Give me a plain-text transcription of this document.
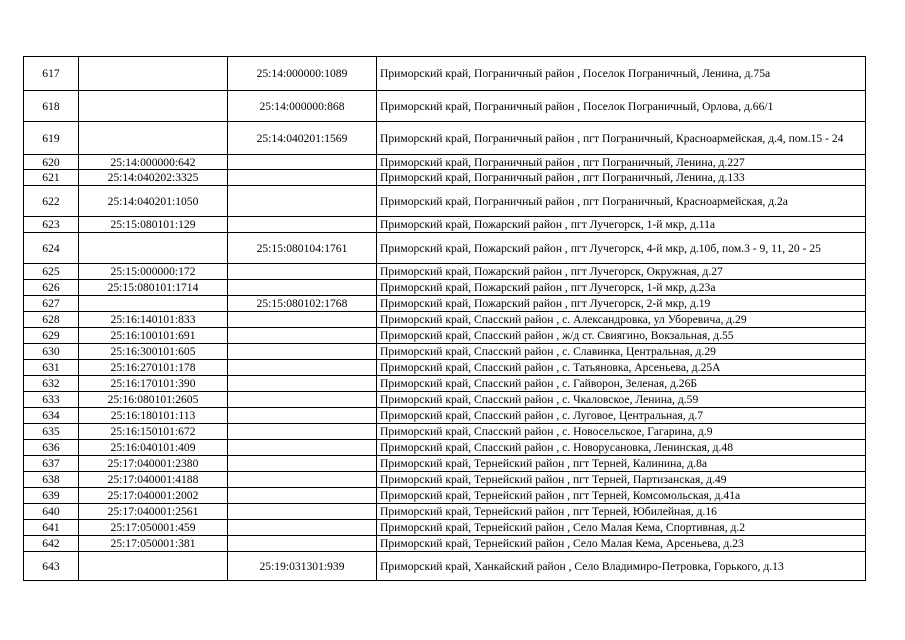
617		25:14:000000:1089	Приморский край, Пограничный район , Поселок Пограничный, Ленина, д.75а
618		25:14:000000:868	Приморский край, Пограничный район , Поселок Пограничный, Орлова, д.66/1
619		25:14:040201:1569	Приморский край, Пограничный район , пгт Пограничный, Красноармейская, д.4, пом.15 - 24
620	25:14:000000:642		Приморский край, Пограничный район , пгт Пограничный, Ленина, д.227
621	25:14:040202:3325		Приморский край, Пограничный район , пгт Пограничный, Ленина, д.133
622	25:14:040201:1050		Приморский край, Пограничный район , пгт Пограничный, Красноармейская, д.2а
623	25:15:080101:129		Приморский край, Пожарский район , пгт Лучегорск, 1-й мкр, д.11а
624		25:15:080104:1761	Приморский край, Пожарский район , пгт Лучегорск, 4-й мкр, д.10б, пом.3 - 9, 11, 20 - 25
625	25:15:000000:172		Приморский край, Пожарский район , пгт Лучегорск, Окружная, д.27
626	25:15:080101:1714		Приморский край, Пожарский район , пгт Лучегорск, 1-й мкр, д.23а
627		25:15:080102:1768	Приморский край, Пожарский район , пгт Лучегорск, 2-й мкр, д.19
628	25:16:140101:833		Приморский край, Спасский район , с. Александровка, ул Уборевича, д.29
629	25:16:100101:691		Приморский край, Спасский район , ж/д ст. Свиягино, Вокзальная, д.55
630	25:16:300101:605		Приморский край, Спасский район , с. Славинка, Центральная, д.29
631	25:16:270101:178		Приморский край, Спасский район , с. Татьяновка, Арсеньева, д.25А
632	25:16:170101:390		Приморский край, Спасский район , с. Гайворон, Зеленая, д.26Б
633	25:16:080101:2605		Приморский край, Спасский район , с. Чкаловское, Ленина, д.59
634	25:16:180101:113		Приморский край, Спасский район , с. Луговое, Центральная, д.7
635	25:16:150101:672		Приморский край, Спасский район , с. Новосельское, Гагарина, д.9
636	25:16:040101:409		Приморский край, Спасский район , с. Новорусановка, Ленинская, д.48
637	25:17:040001:2380		Приморский край, Тернейский район , пгт Терней, Калинина, д.8а
638	25:17:040001:4188		Приморский край, Тернейский район , пгт Терней, Партизанская, д.49
639	25:17:040001:2002		Приморский край, Тернейский район , пгт Терней, Комсомольская, д.41а
640	25:17:040001:2561		Приморский край, Тернейский район , пгт Терней, Юбилейная, д.16
641	25:17:050001:459		Приморский край, Тернейский район , Село Малая Кема, Спортивная, д.2
642	25:17:050001:381		Приморский край, Тернейский район , Село Малая Кема, Арсеньева, д.23
643		25:19:031301:939	Приморский край, Ханкайский район , Село Владимиро-Петровка, Горького, д.13
